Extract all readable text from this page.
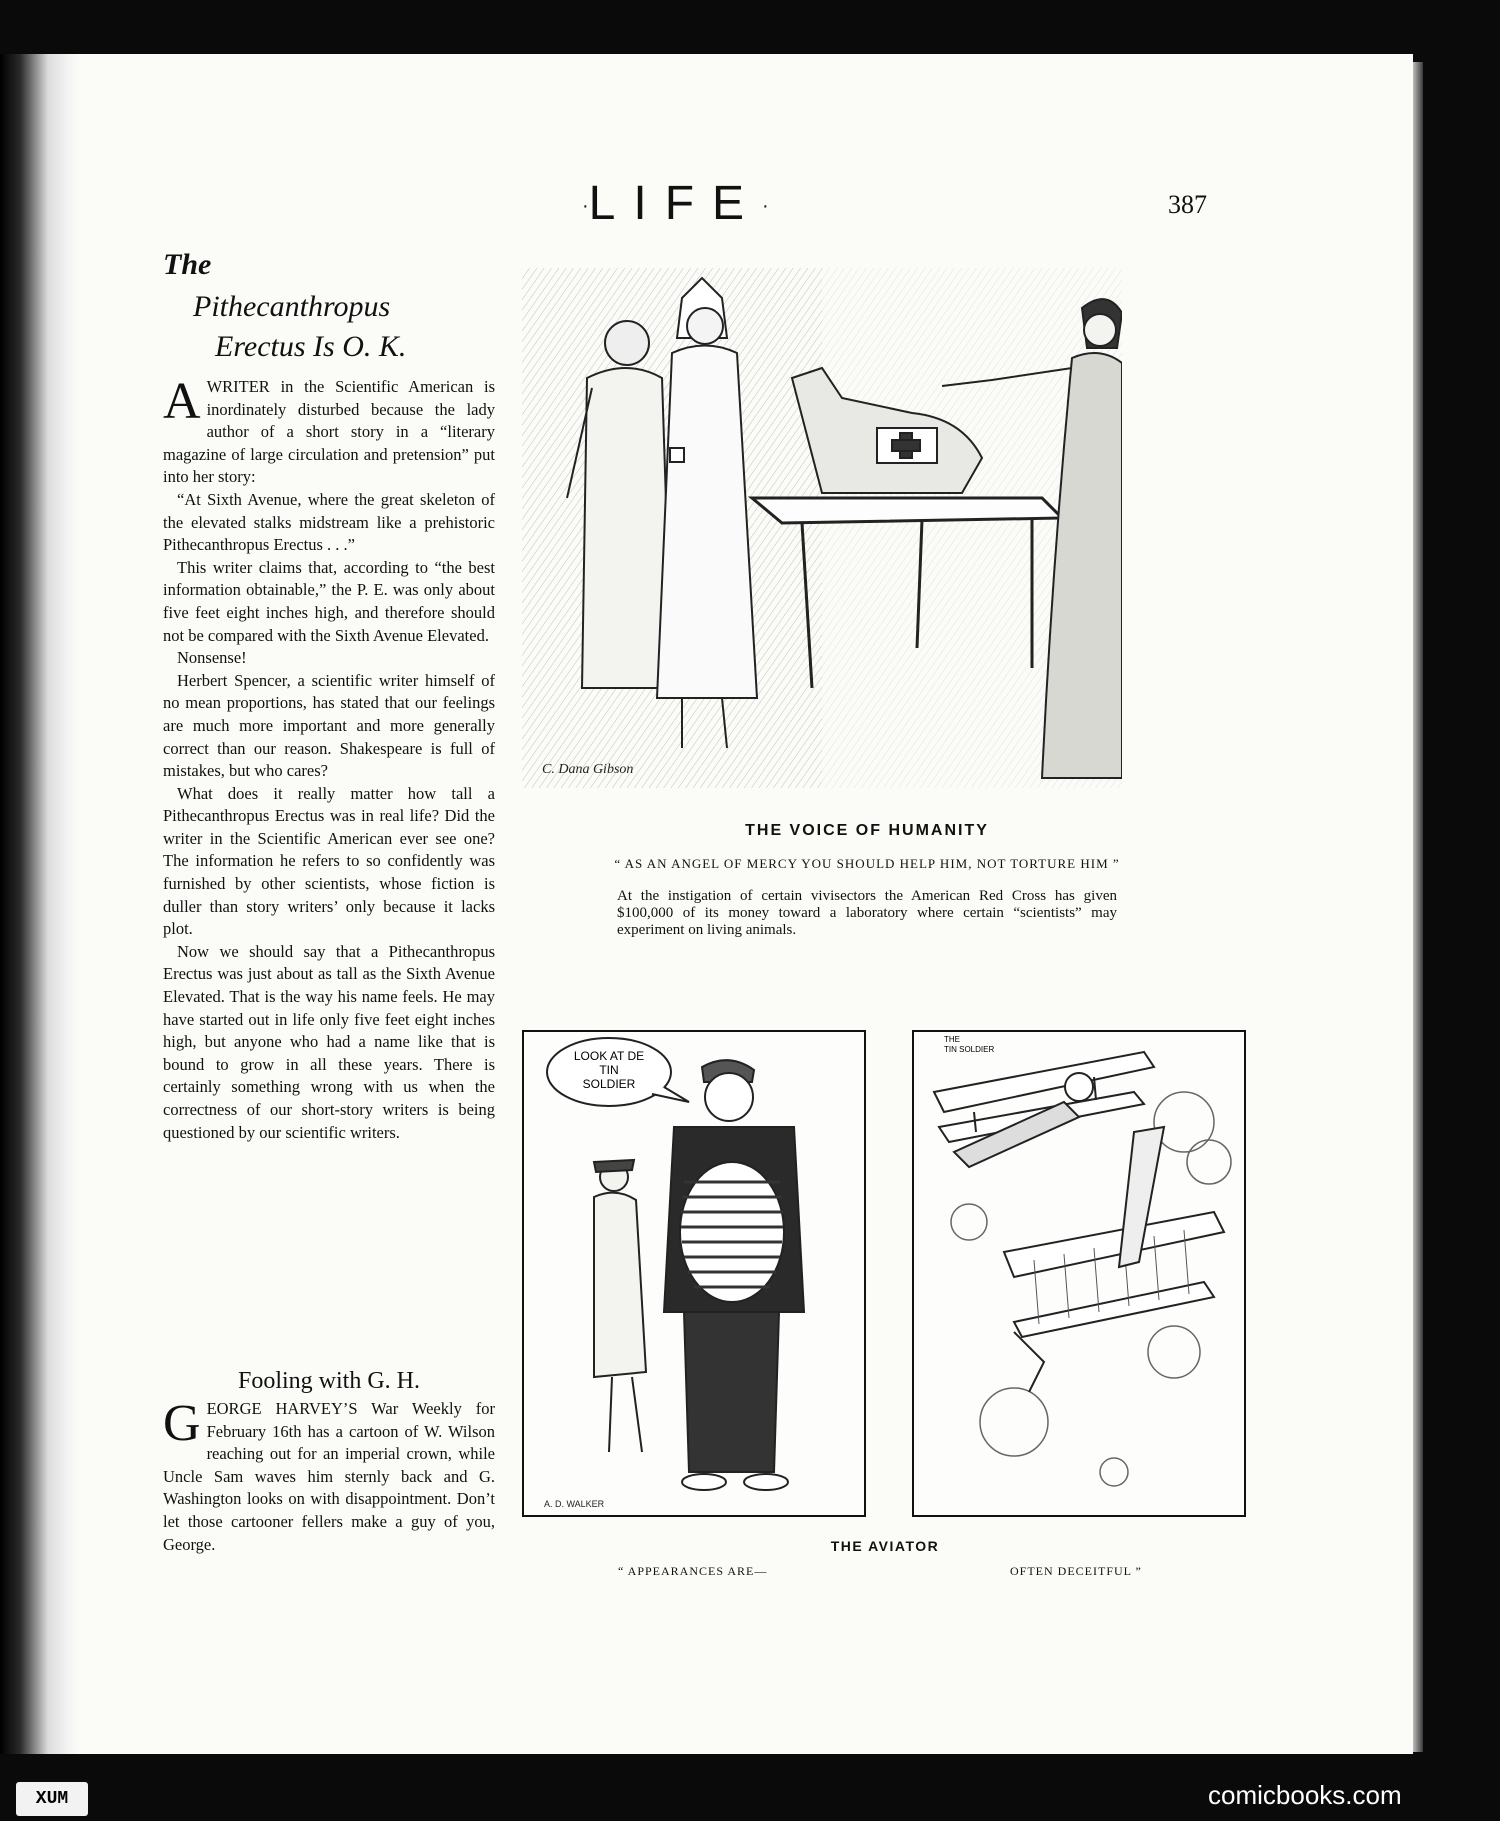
·LIFE·	387
The
Pithecanthropus
Erectus Is O. K.

AWRITER in the Scientific American is inordinately disturbed because the lady author of a short story in a “literary magazine of large circulation and pretension” put into her story:

“At Sixth Avenue, where the great skeleton of the elevated stalks midstream like a prehistoric Pithecanthropus Erectus . . .”

This writer claims that, according to “the best information obtainable,” the P. E. was only about five feet eight inches high, and therefore should not be compared with the Sixth Avenue Elevated.

Nonsense!

Herbert Spencer, a scientific writer himself of no mean proportions, has stated that our feelings are much more important and more generally correct than our reason. Shakespeare is full of mistakes, but who cares?

What does it really matter how tall a Pithecanthropus Erectus was in real life? Did the writer in the Scientific American ever see one? The information he refers to so confidently was furnished by other scientists, whose fiction is duller than story writers’ only because it lacks plot.

Now we should say that a Pithecanthropus Erectus was just about as tall as the Sixth Avenue Elevated. That is the way his name feels. He may have started out in life only five feet eight inches high, but anyone who had a name like that is bound to grow in all these years. There is certainly something wrong with us when the correctness of our short-story writers is being questioned by our scientific writers.

Fooling with G. H.

GEORGE HARVEY’S War Weekly for February 16th has a cartoon of W. Wilson reaching out for an imperial crown, while Uncle Sam waves him sternly back and G. Washington looks on with disappointment. Don’t let those cartooner fellers make a guy of you, George.

C. Dana Gibson
THE VOICE OF HUMANITY
“ AS AN ANGEL OF MERCY YOU SHOULD HELP HIM, NOT TORTURE HIM ”
At the instigation of certain vivisectors the American Red Cross has given $100,000 of its money toward a laboratory where certain “scientists” may experiment on living animals.
LOOK AT DE
TIN
SOLDIER
A. D. WALKER
THE
TIN SOLDIER
THE AVIATOR
“ APPEARANCES ARE—	OFTEN DECEITFUL ”
XUM	comicbooks.com
